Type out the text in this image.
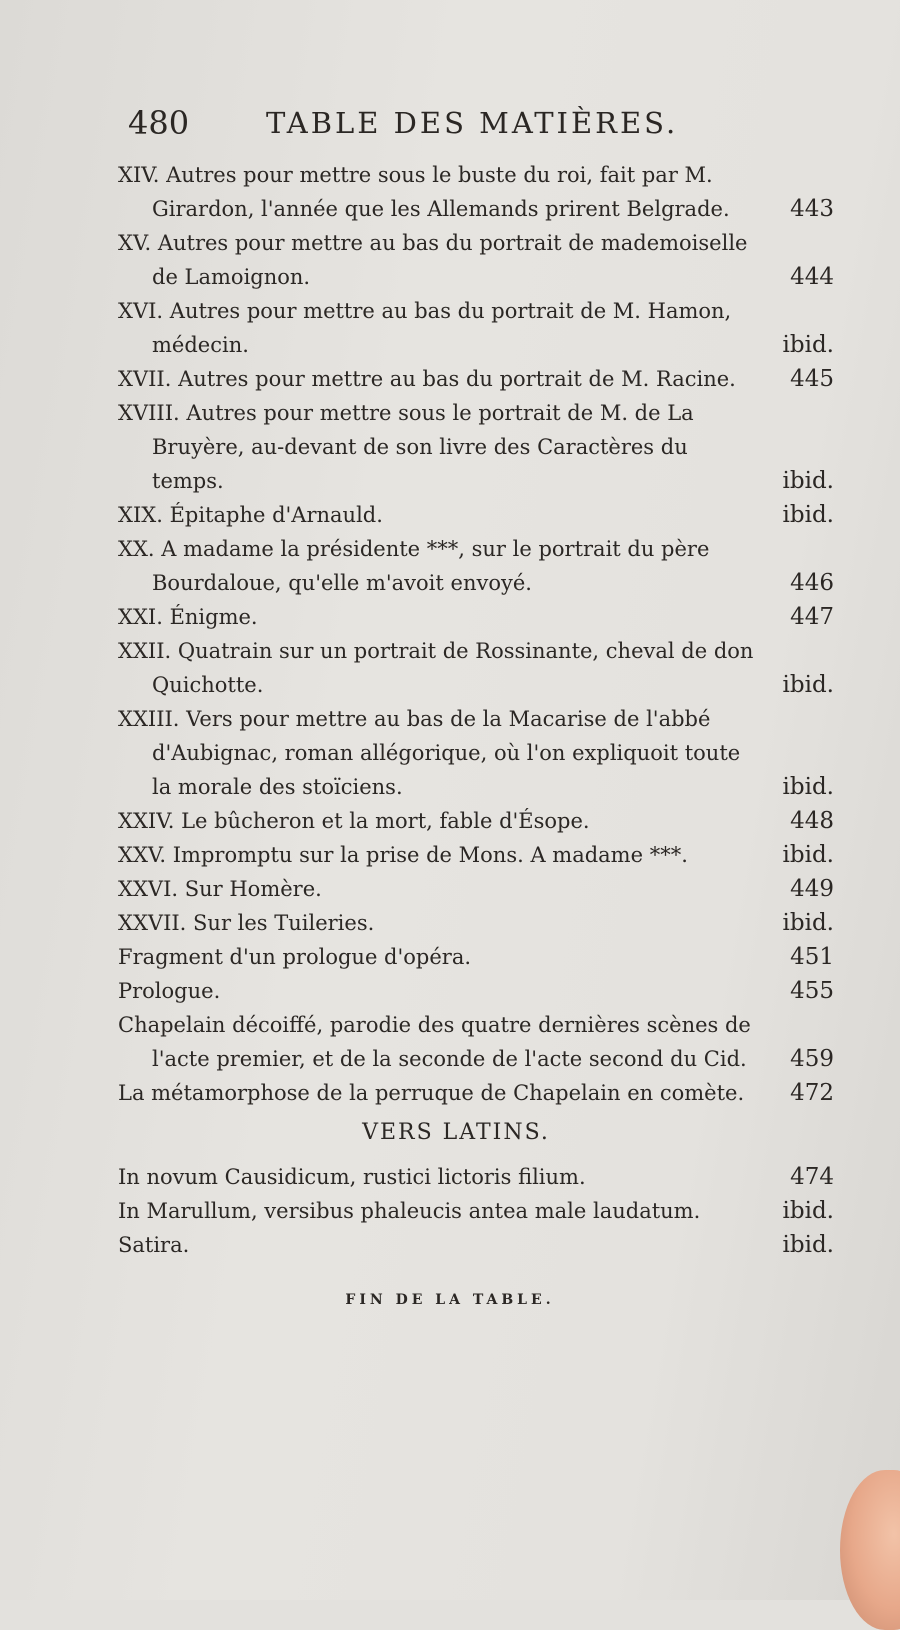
480	TABLE DES MATIÈRES.
XIV. Autres pour mettre sous le buste du roi, fait par M. Girardon, l'année que les Allemands prirent Belgrade.	443
XV. Autres pour mettre au bas du portrait de mademoiselle de Lamoignon.	444
XVI. Autres pour mettre au bas du portrait de M. Hamon, médecin.	ibid.
XVII. Autres pour mettre au bas du portrait de M. Racine.	445
XVIII. Autres pour mettre sous le portrait de M. de La Bruyère, au-devant de son livre des Caractères du temps.	ibid.
XIX. Épitaphe d'Arnauld.	ibid.
XX. A madame la présidente ***, sur le portrait du père Bourdaloue, qu'elle m'avoit envoyé.	446
XXI. Énigme.	447
XXII. Quatrain sur un portrait de Rossinante, cheval de don Quichotte.	ibid.
XXIII. Vers pour mettre au bas de la Macarise de l'abbé d'Aubignac, roman allégorique, où l'on expliquoit toute la morale des stoïciens.	ibid.
XXIV. Le bûcheron et la mort, fable d'Ésope.	448
XXV. Impromptu sur la prise de Mons. A madame ***.	ibid.
XXVI. Sur Homère.	449
XXVII. Sur les Tuileries.	ibid.
Fragment d'un prologue d'opéra.	451
Prologue.	455
Chapelain décoiffé, parodie des quatre dernières scènes de l'acte premier, et de la seconde de l'acte second du Cid.	459
La métamorphose de la perruque de Chapelain en comète.	472
VERS LATINS.
In novum Causidicum, rustici lictoris filium.	474
In Marullum, versibus phaleucis antea male laudatum.	ibid.
Satira.	ibid.
FIN DE LA TABLE.
